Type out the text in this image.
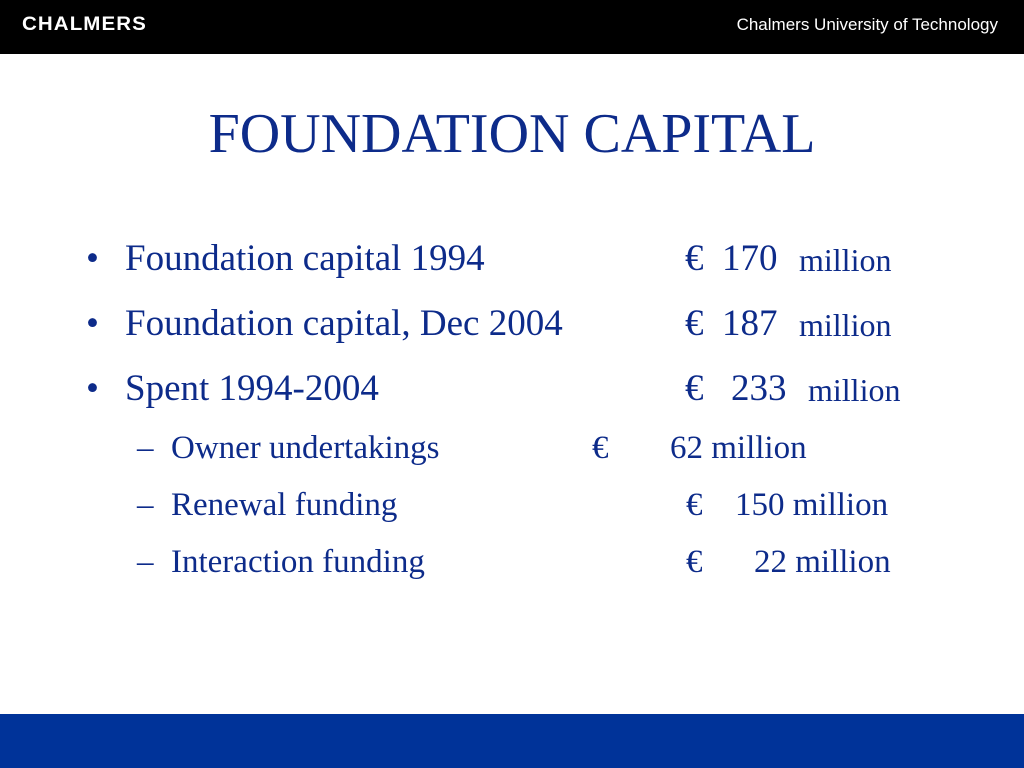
CHALMERS	Chalmers University of Technology
FOUNDATION CAPITAL
• Foundation capital 1994	€ 170 million
• Foundation capital, Dec 2004	€ 187 million
• Spent 1994-2004	€ 233 million
– Owner undertakings	€ 62 million
– Renewal funding	€ 150 million
– Interaction funding	€ 22 million
